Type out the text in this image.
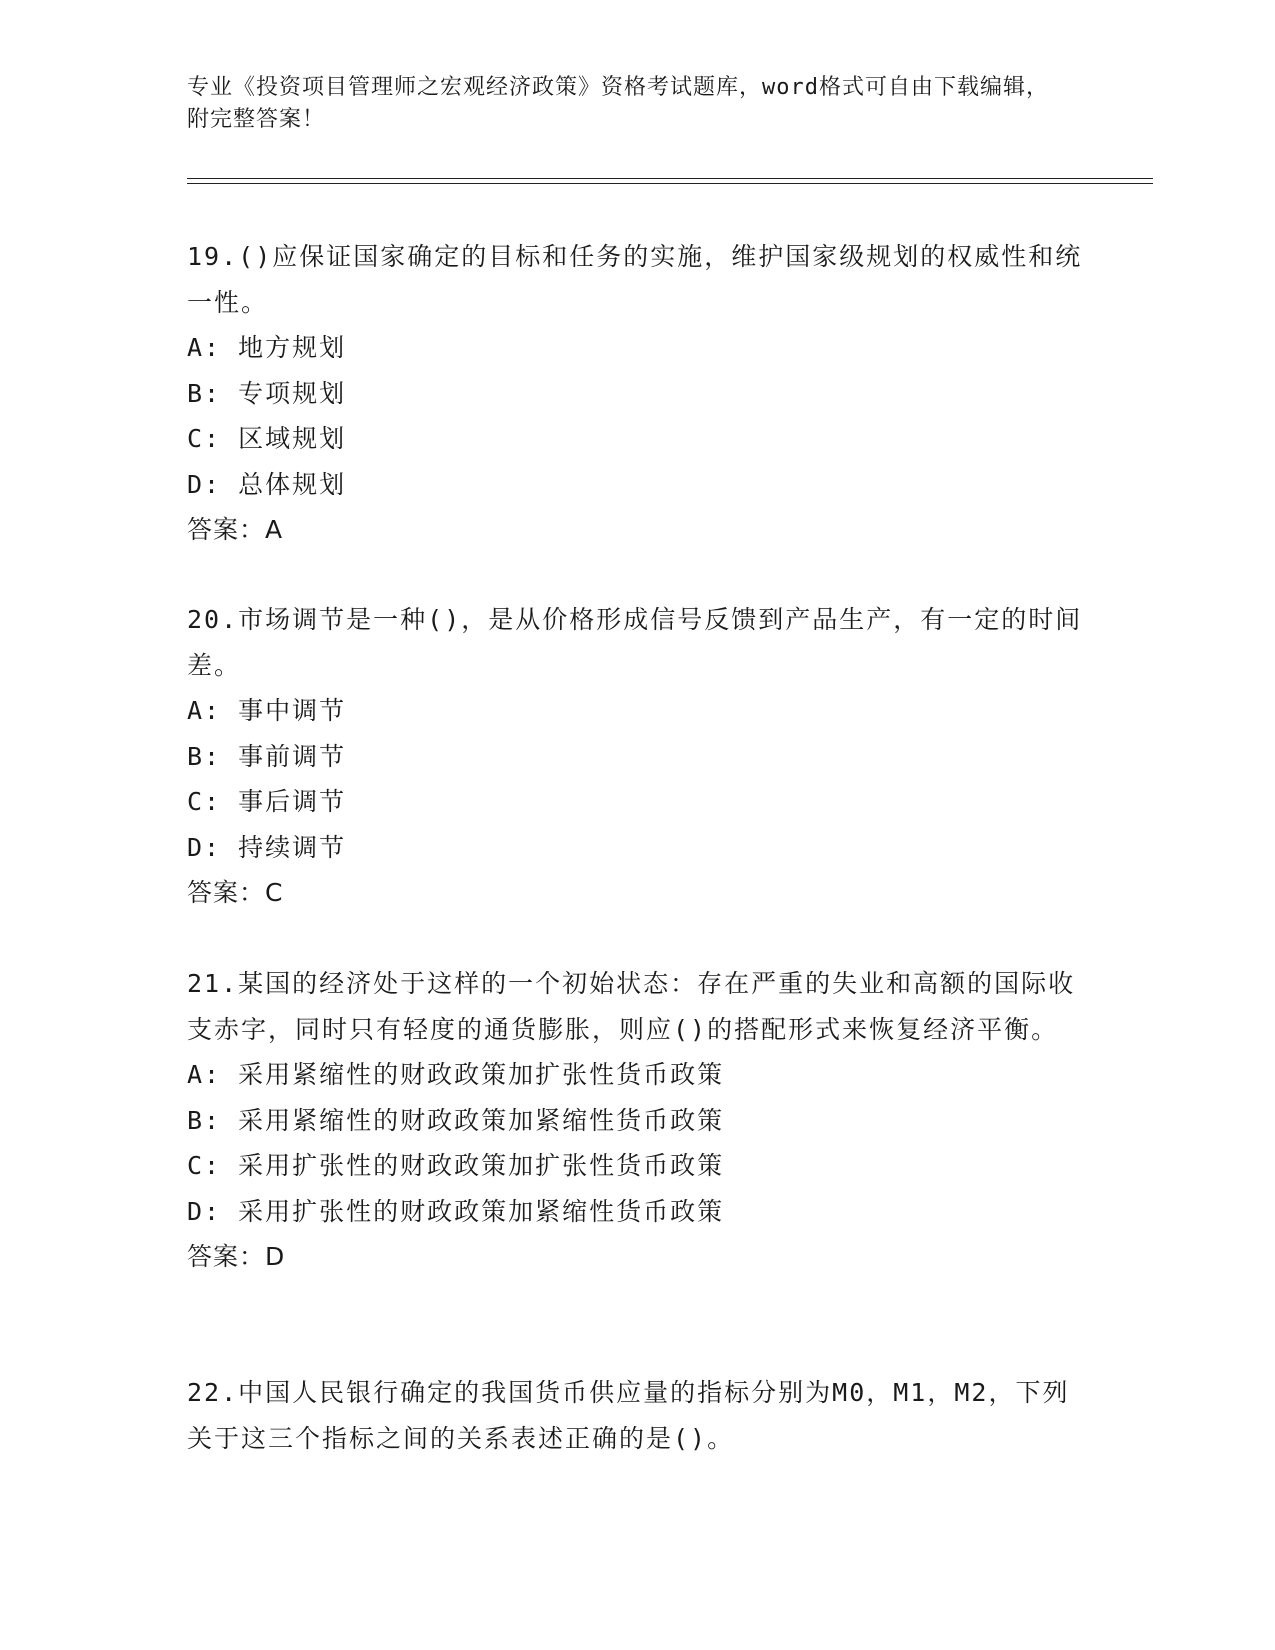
专业《投资项目管理师之宏观经济政策》资格考试题库，word格式可自由下载编辑，附完整答案！

19.()应保证国家确定的目标和任务的实施，维护国家级规划的权威性和统一性。

A: 地方规划

B: 专项规划

C: 区域规划

D: 总体规划

答案：A

20.市场调节是一种()，是从价格形成信号反馈到产品生产，有一定的时间差。

A: 事中调节

B: 事前调节

C: 事后调节

D: 持续调节

答案：C

21.某国的经济处于这样的一个初始状态：存在严重的失业和高额的国际收支赤字，同时只有轻度的通货膨胀，则应()的搭配形式来恢复经济平衡。

A: 采用紧缩性的财政政策加扩张性货币政策

B: 采用紧缩性的财政政策加紧缩性货币政策

C: 采用扩张性的财政政策加扩张性货币政策

D: 采用扩张性的财政政策加紧缩性货币政策

答案：D

22.中国人民银行确定的我国货币供应量的指标分别为M0，M1，M2，下列关于这三个指标之间的关系表述正确的是()。
